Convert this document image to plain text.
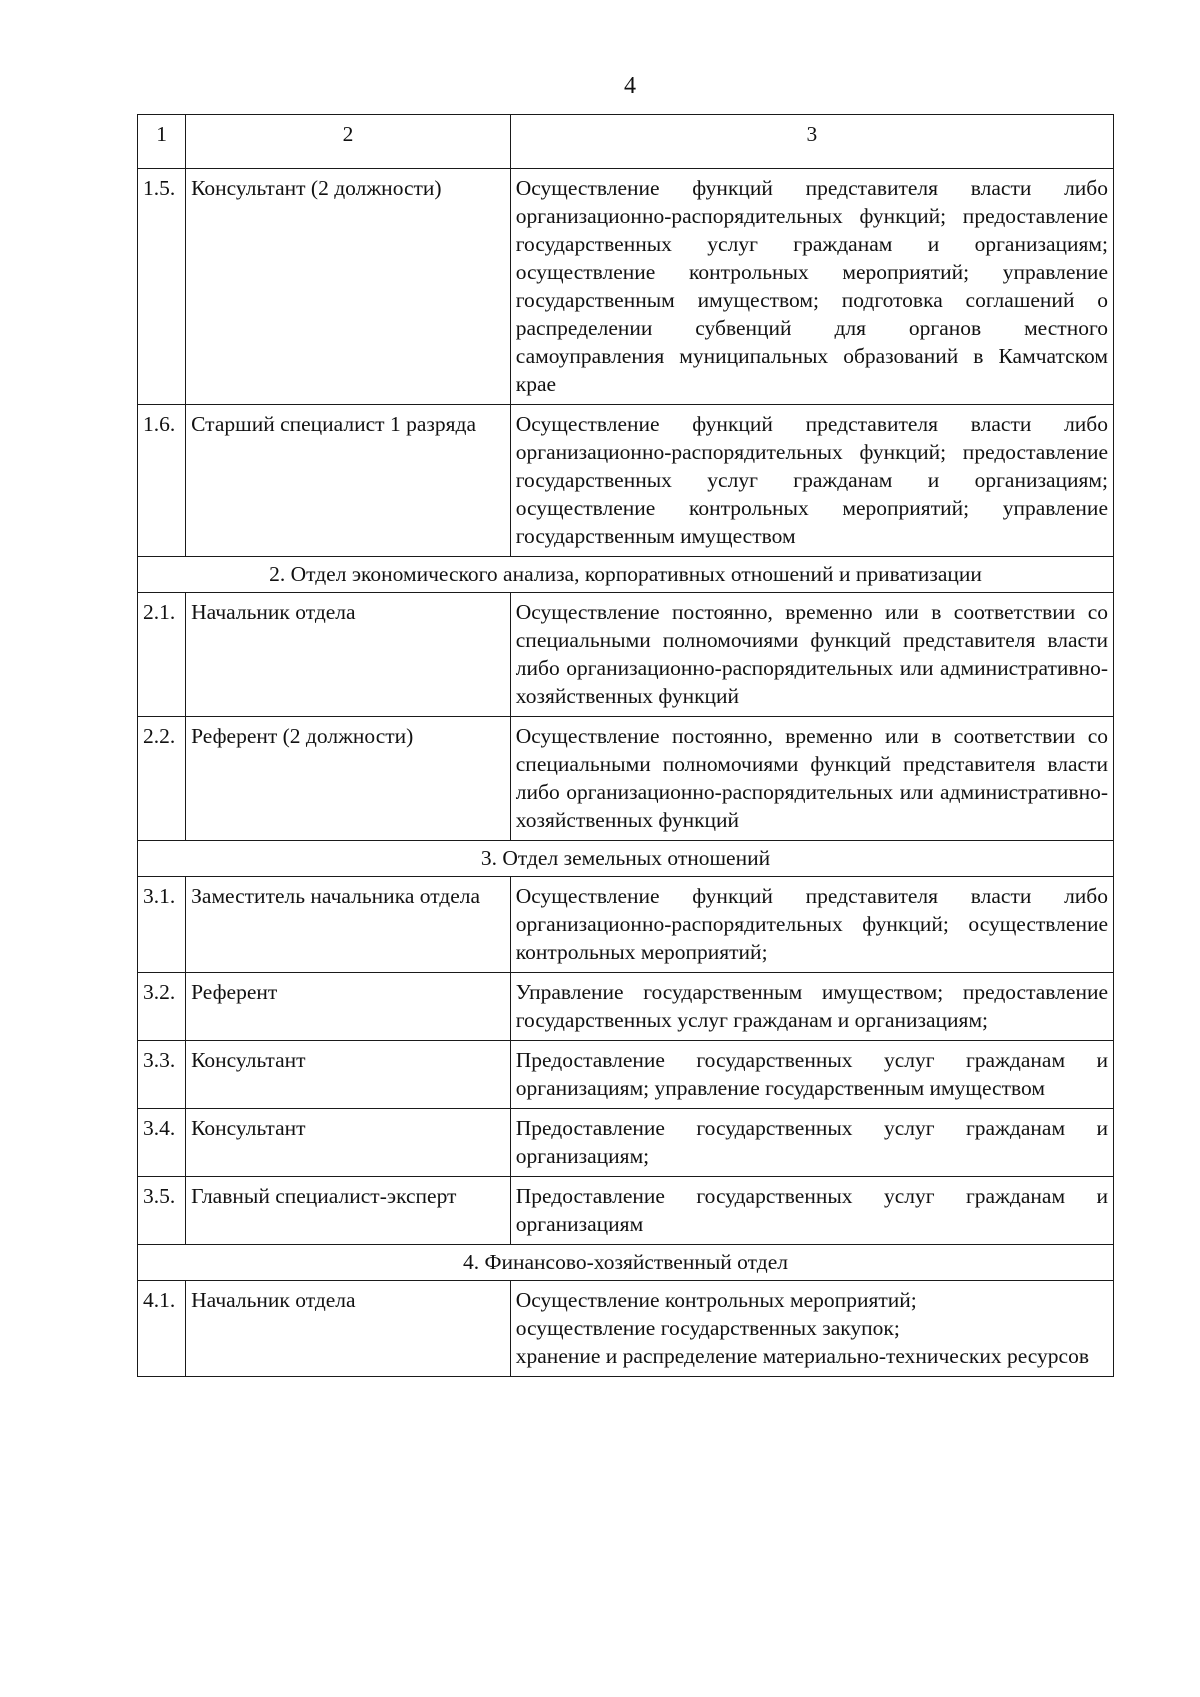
4
1	2	3
1.5.	Консультант (2 должности)	Осуществление функций представителя власти либо организационно-распорядительных функций; предоставление государственных услуг гражданам и организациям; осуществление контрольных мероприятий; управление государственным имуществом; подготовка соглашений о распределении субвенций для органов местного самоуправления муниципальных образований в Камчатском крае

1.6.	Старший специалист 1 разряда	Осуществление функций представителя власти либо организационно-распорядительных функций; предоставление государственных услуг гражданам и организациям; осуществление контрольных мероприятий; управление государственным имуществом

2. Отдел экономического анализа, корпоративных отношений и приватизации		
2.1.	Начальник отдела	Осуществление постоянно, временно или в соответствии со специальными полномочиями функций представителя власти либо организационно-распорядительных или административно-хозяйственных функций

2.2.	Референт (2 должности)	Осуществление постоянно, временно или в соответствии со специальными полномочиями функций представителя власти либо организационно-распорядительных или административно-хозяйственных функций

3. Отдел земельных отношений		
3.1.	Заместитель начальника отдела	Осуществление функций представителя власти либо организационно-распорядительных функций; осуществление контрольных мероприятий;

3.2.	Референт	Управление государственным имуществом; предоставление государственных услуг гражданам и организациям;

3.3.	Консультант	Предоставление государственных услуг гражданам и организациям; управление государственным имуществом

3.4.	Консультант	Предоставление государственных услуг гражданам и организациям;

3.5.	Главный специалист-эксперт	Предоставление государственных услуг гражданам и организациям

4. Финансово-хозяйственный отдел		
4.1.	Начальник отдела	Осуществление контрольных мероприятий;
осуществление государственных закупок;
хранение и распределение материально-технических ресурсов
